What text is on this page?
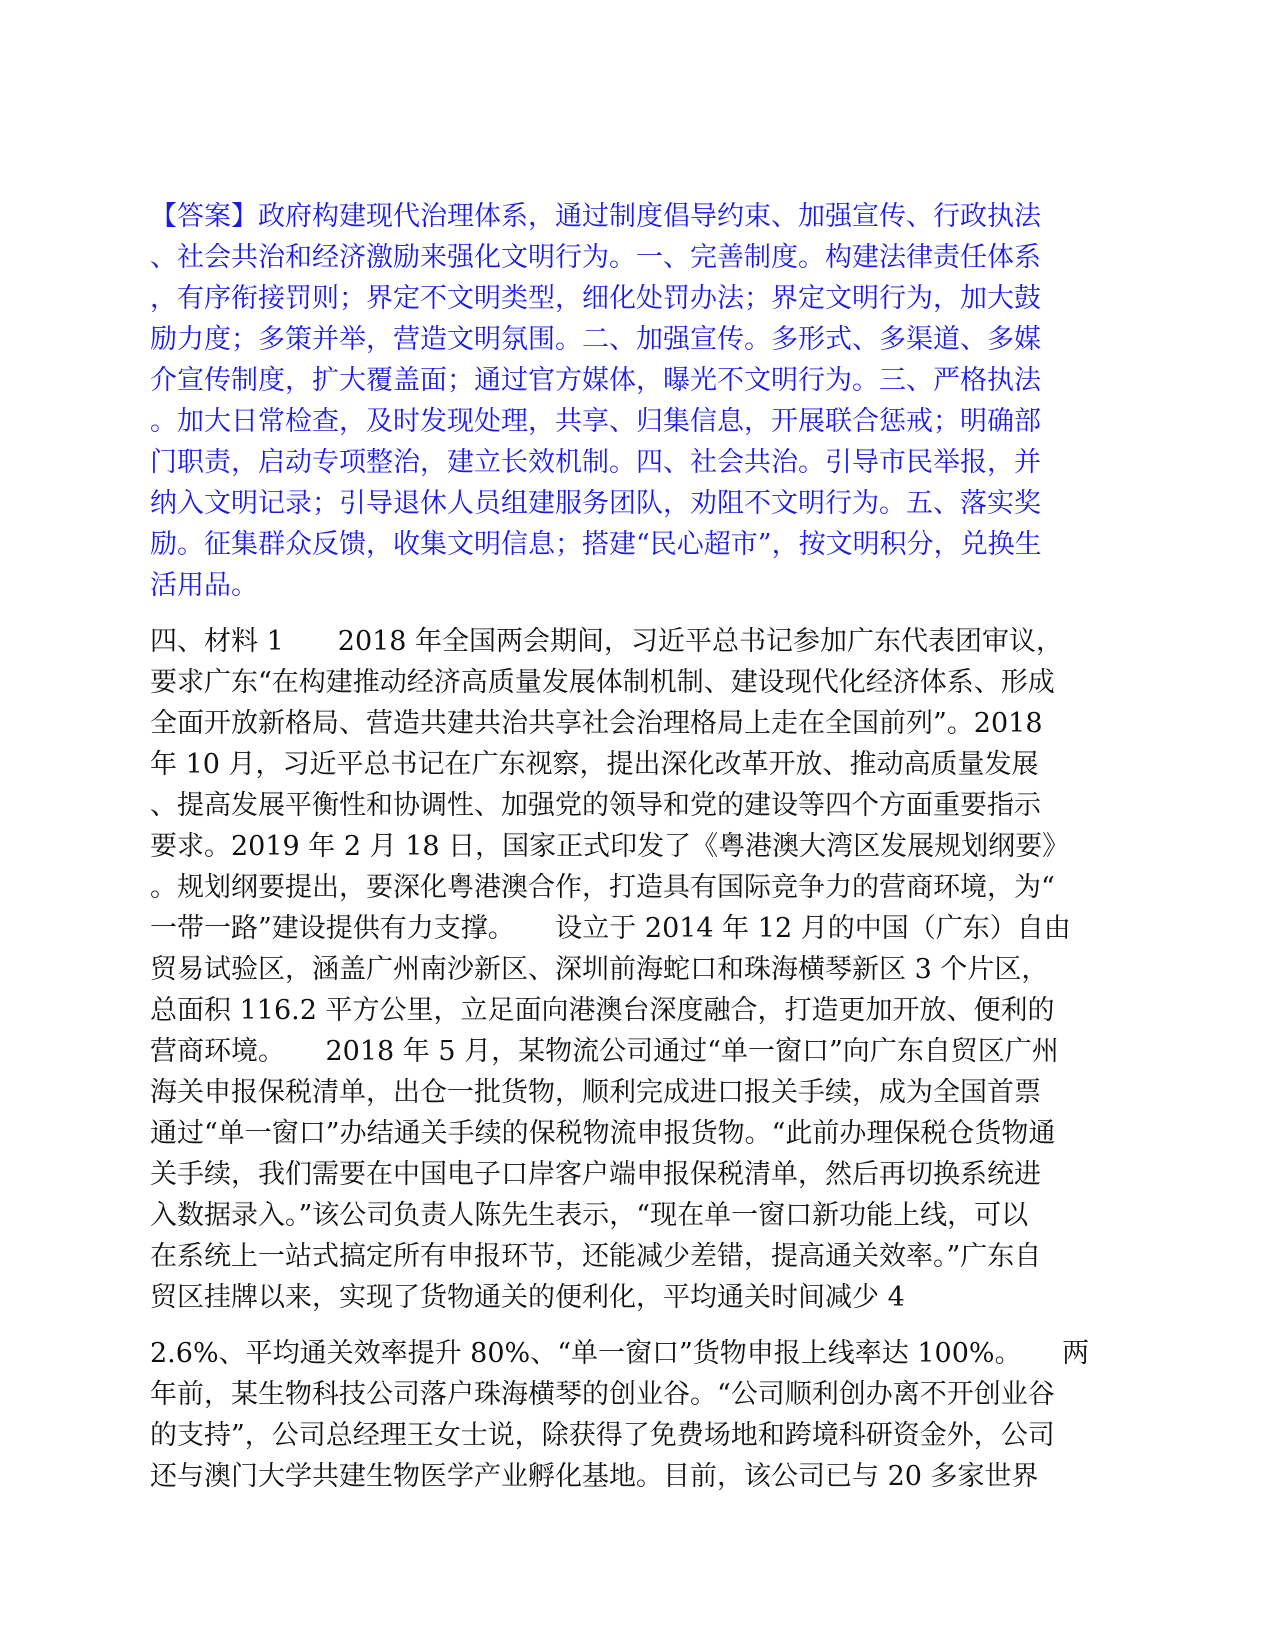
【答案】政府构建现代治理体系，通过制度倡导约束、加强宣传、行政执法
、社会共治和经济激励来强化文明行为。一、完善制度。构建法律责任体系
，有序衔接罚则；界定不文明类型，细化处罚办法；界定文明行为，加大鼓
励力度；多策并举，营造文明氛围。二、加强宣传。多形式、多渠道、多媒
介宣传制度，扩大覆盖面；通过官方媒体，曝光不文明行为。三、严格执法
。加大日常检查，及时发现处理，共享、归集信息，开展联合惩戒；明确部
门职责，启动专项整治，建立长效机制。四、社会共治。引导市民举报，并
纳入文明记录；引导退休人员组建服务团队，劝阻不文明行为。五、落实奖
励。征集群众反馈，收集文明信息；搭建“民心超市”，按文明积分，兑换生
活用品。
四、材料 1　　2018 年全国两会期间，习近平总书记参加广东代表团审议，
要求广东“在构建推动经济高质量发展体制机制、建设现代化经济体系、形成
全面开放新格局、营造共建共治共享社会治理格局上走在全国前列”。2018
年 10 月，习近平总书记在广东视察，提出深化改革开放、推动高质量发展
、提高发展平衡性和协调性、加强党的领导和党的建设等四个方面重要指示
要求。2019 年 2 月 18 日，国家正式印发了《粤港澳大湾区发展规划纲要》
。规划纲要提出，要深化粤港澳合作，打造具有国际竞争力的营商环境，为“
一带一路”建设提供有力支撑。　　设立于 2014 年 12 月的中国（广东）自由
贸易试验区，涵盖广州南沙新区、深圳前海蛇口和珠海横琴新区 3 个片区，
总面积 116.2 平方公里，立足面向港澳台深度融合，打造更加开放、便利的
营商环境。　　2018 年 5 月，某物流公司通过“单一窗口”向广东自贸区广州
海关申报保税清单，出仓一批货物，顺利完成进口报关手续，成为全国首票
通过“单一窗口”办结通关手续的保税物流申报货物。“此前办理保税仓货物通
关手续，我们需要在中国电子口岸客户端申报保税清单，然后再切换系统进
入数据录入。”该公司负责人陈先生表示，“现在单一窗口新功能上线，可以
在系统上一站式搞定所有申报环节，还能减少差错，提高通关效率。”广东自
贸区挂牌以来，实现了货物通关的便利化，平均通关时间减少 4
2.6%、平均通关效率提升 80%、“单一窗口”货物申报上线率达 100%。　　两
年前，某生物科技公司落户珠海横琴的创业谷。“公司顺利创办离不开创业谷
的支持”，公司总经理王女士说，除获得了免费场地和跨境科研资金外，公司
还与澳门大学共建生物医学产业孵化基地。目前，该公司已与 20 多家世界
